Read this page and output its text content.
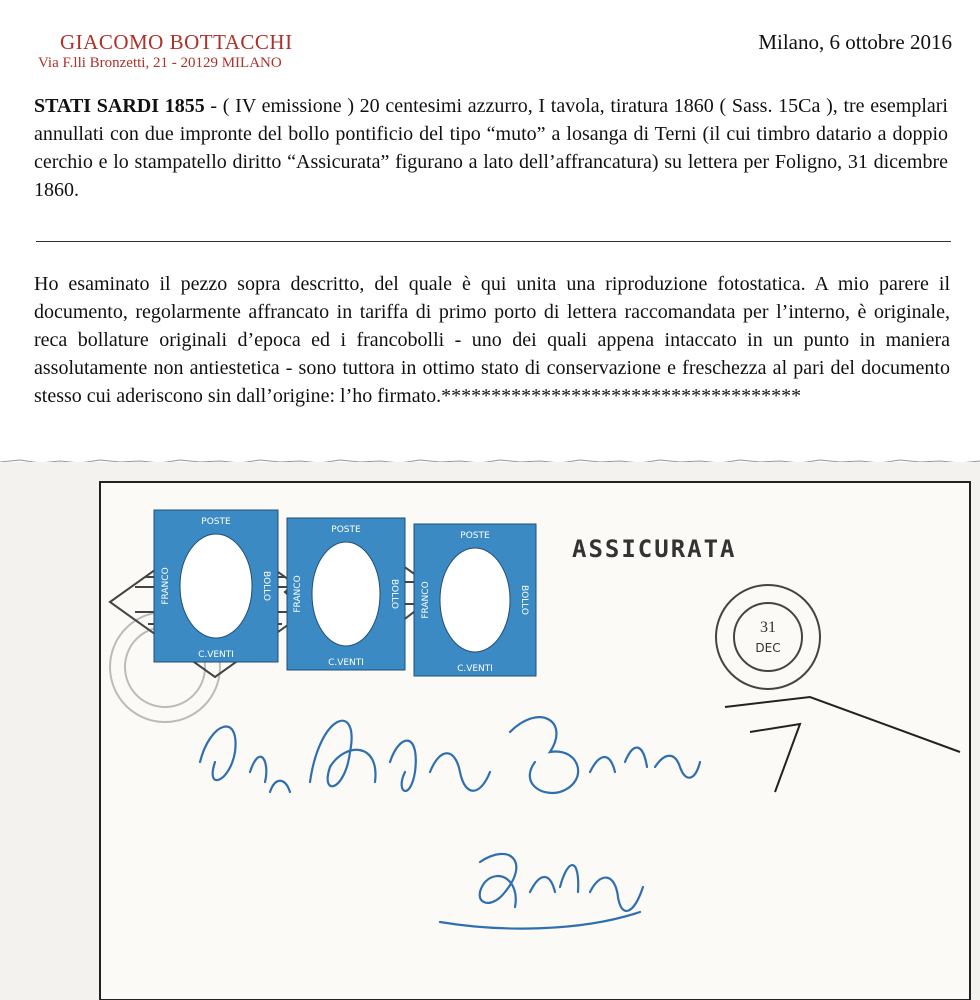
GIACOMO BOTTACCHI
Via F.lli Bronzetti, 21 - 20129 MILANO
Milano, 6 ottobre 2016
STATI SARDI 1855 - ( IV emissione ) 20 centesimi azzurro, I tavola, tiratura 1860 ( Sass. 15Ca ), tre esemplari annullati con due impronte del bollo pontificio del tipo “muto” a losanga di Terni (il cui timbro datario a doppio cerchio e lo stampatello diritto “Assicurata” figurano a lato dell’affrancatura) su lettera per Foligno, 31 dicembre 1860.
Ho esaminato il pezzo sopra descritto, del quale è qui unita una riproduzione fotostatica. A mio parere il documento, regolarmente affrancato in tariffa di primo porto di lettera raccomandata per l’interno, è originale, reca bollature originali d’epoca ed i francobolli - uno dei quali appena intaccato in un punto in maniera assolutamente non antiestetica - sono tuttora in ottimo stato di conservazione e freschezza al pari del documento stesso cui aderiscono sin dall’origine: l’ho firmato.************************************
POSTE
C.VENTI
FRANCO	BOLLO
POSTE
C.VENTI
FRANCO	BOLLO
POSTE
C.VENTI
FRANCO	BOLLO
ASSICURATA
31
DEC
